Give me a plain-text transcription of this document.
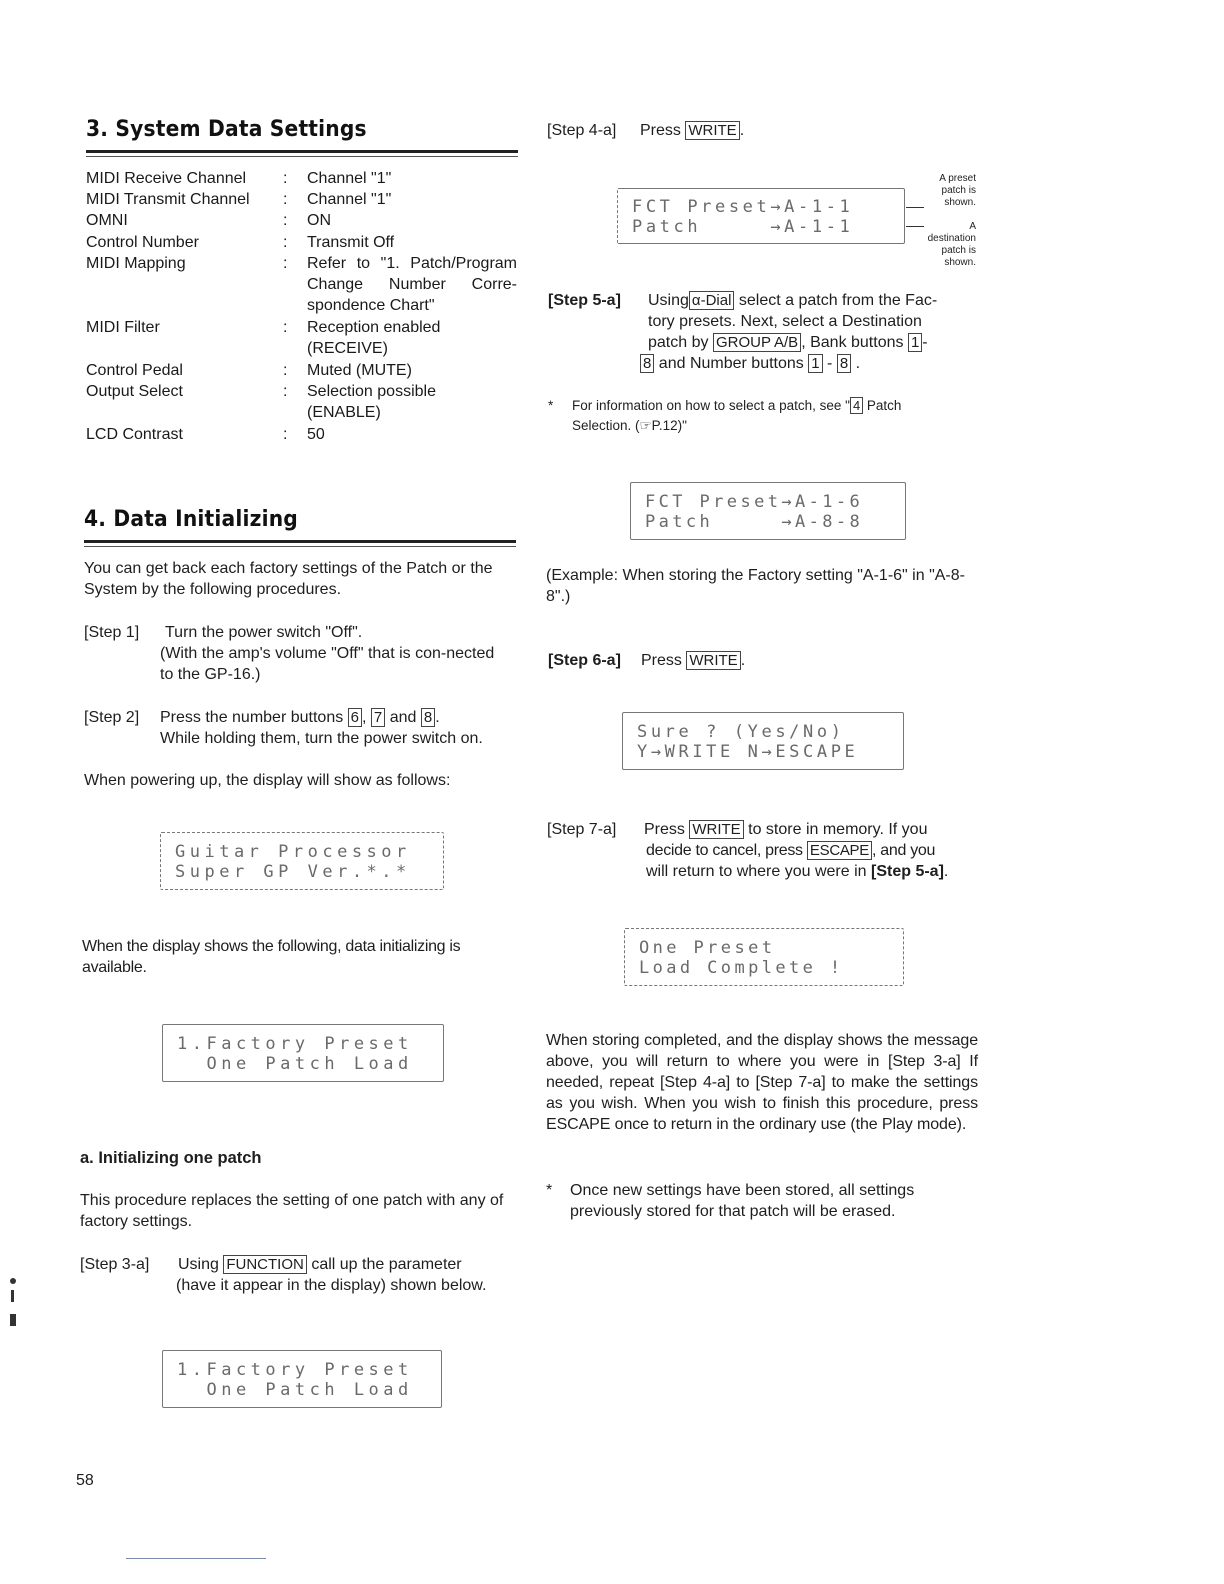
3. System Data Settings
MIDI Receive Channel : Channel "1"
MIDI Transmit Channel : Channel "1"
OMNI	: ON
Control Number	: Transmit Off
MIDI Mapping	: Refer to "1. Patch/Program Change Number Corre-spondence Chart"
MIDI Filter	: Reception enabled (RECEIVE)
Control Pedal	: Muted (MUTE)
Output Select	: Selection possible (ENABLE)
LCD Contrast	: 50
4. Data Initializing
You can get back each factory settings of the Patch or the System by the following procedures.
[Step 1] Turn the power switch "Off".
(With the amp's volume "Off" that is con-nected to the GP-16.)
[Step 2] Press the number buttons 6 , 7 and 8 .
While holding them, turn the power switch on.
When powering up, the display will show as follows:
Guitar Processor
Super GP Ver.*.*
When the display shows the following, data initializing is available.
1.Factory Preset
One Patch Load
a. Initializing one patch
This procedure replaces the setting of one patch with any of factory settings.
[Step 3-a] Using FUNCTION call up the parameter
(have it appear in the display) shown below.
1.Factory Preset
One Patch Load
58
[Step 4-a] Press WRITE .
FCT Preset→A-1-1
Patch     →A-1-1
A preset patch is shown.
A destination patch is shown.
[Step 5-a] Using α-Dial select a patch from the Fac-
tory presets. Next, select a Destination
patch by GROUP A/B , Bank buttons 1 -
8 and Number buttons 1 - 8 .
* For information on how to select a patch, see " 4 Patch
Selection. (☞P.12)"
FCT Preset→A-1-6
Patch     →A-8-8
(Example: When storing the Factory setting "A-1-6" in "A-8-8".)
[Step 6-a] Press WRITE .
Sure ? (Yes/No)
Y→WRITE N→ESCAPE
[Step 7-a] Press WRITE to store in memory. If you
decide to cancel, press ESCAPE , and you
will return to where you were in [Step 5-a].
One Preset
Load Complete !
When storing completed, and the display shows the message above, you will return to where you were in [Step 3-a] If needed, repeat [Step 4-a] to [Step 7-a] to make the settings as you wish. When you wish to finish this procedure, press ESCAPE once to return in the ordinary use (the Play mode).
* Once new settings have been stored, all settings previously stored for that patch will be erased.
